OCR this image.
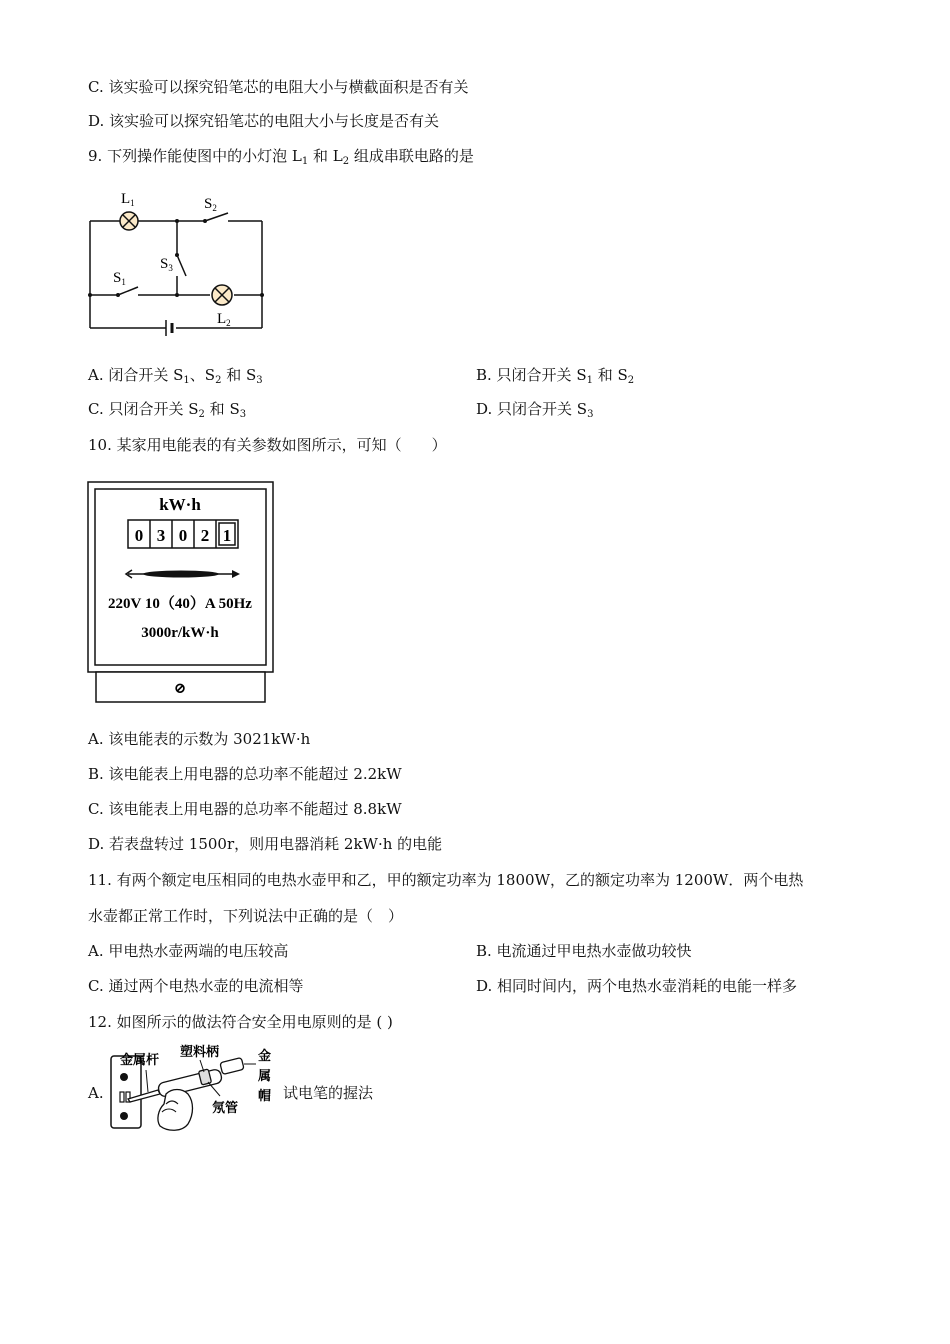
C. 该实验可以探究铅笔芯的电阻大小与横截面积是否有关
D. 该实验可以探究铅笔芯的电阻大小与长度是否有关
9. 下列操作能使图中的小灯泡 $L_1$ 和 $L_2$ 组成串联电路的是
$L_1$	$S_2$
$S_3$
$S_1$
$L_2$
A. 闭合开关 $S_1$、$S_2$ 和 $S_3$	B. 只闭合开关 $S_1$ 和 $S_2$
C. 只闭合开关 $S_2$ 和 $S_3$	D. 只闭合开关 $S_3$
10. 某家用电能表的有关参数如图所示，可知（　　）
kW·h
0 3 0 2 1
220V 10（40）A 50Hz
3000r/kW·h
⊘
A. 该电能表的示数为 3021kW·h
B. 该电能表上用电器的总功率不能超过 2.2kW
C. 该电能表上用电器的总功率不能超过 8.8kW
D. 若表盘转过 1500r，则用电器消耗 2kW·h 的电能
11. 有两个额定电压相同的电热水壶甲和乙，甲的额定功率为 1800W，乙的额定功率为 1200W．两个电热
水壶都正常工作时，下列说法中正确的是（　）
A. 甲电热水壶两端的电压较高	B. 电流通过甲电热水壶做功较快
C. 通过两个电热水壶的电流相等	D. 相同时间内，两个电热水壶消耗的电能一样多
12. 如图所示的做法符合安全用电原则的是 ( )
A.
金属杆
塑料柄	金
属
帽
氖管
试电笔的握法
